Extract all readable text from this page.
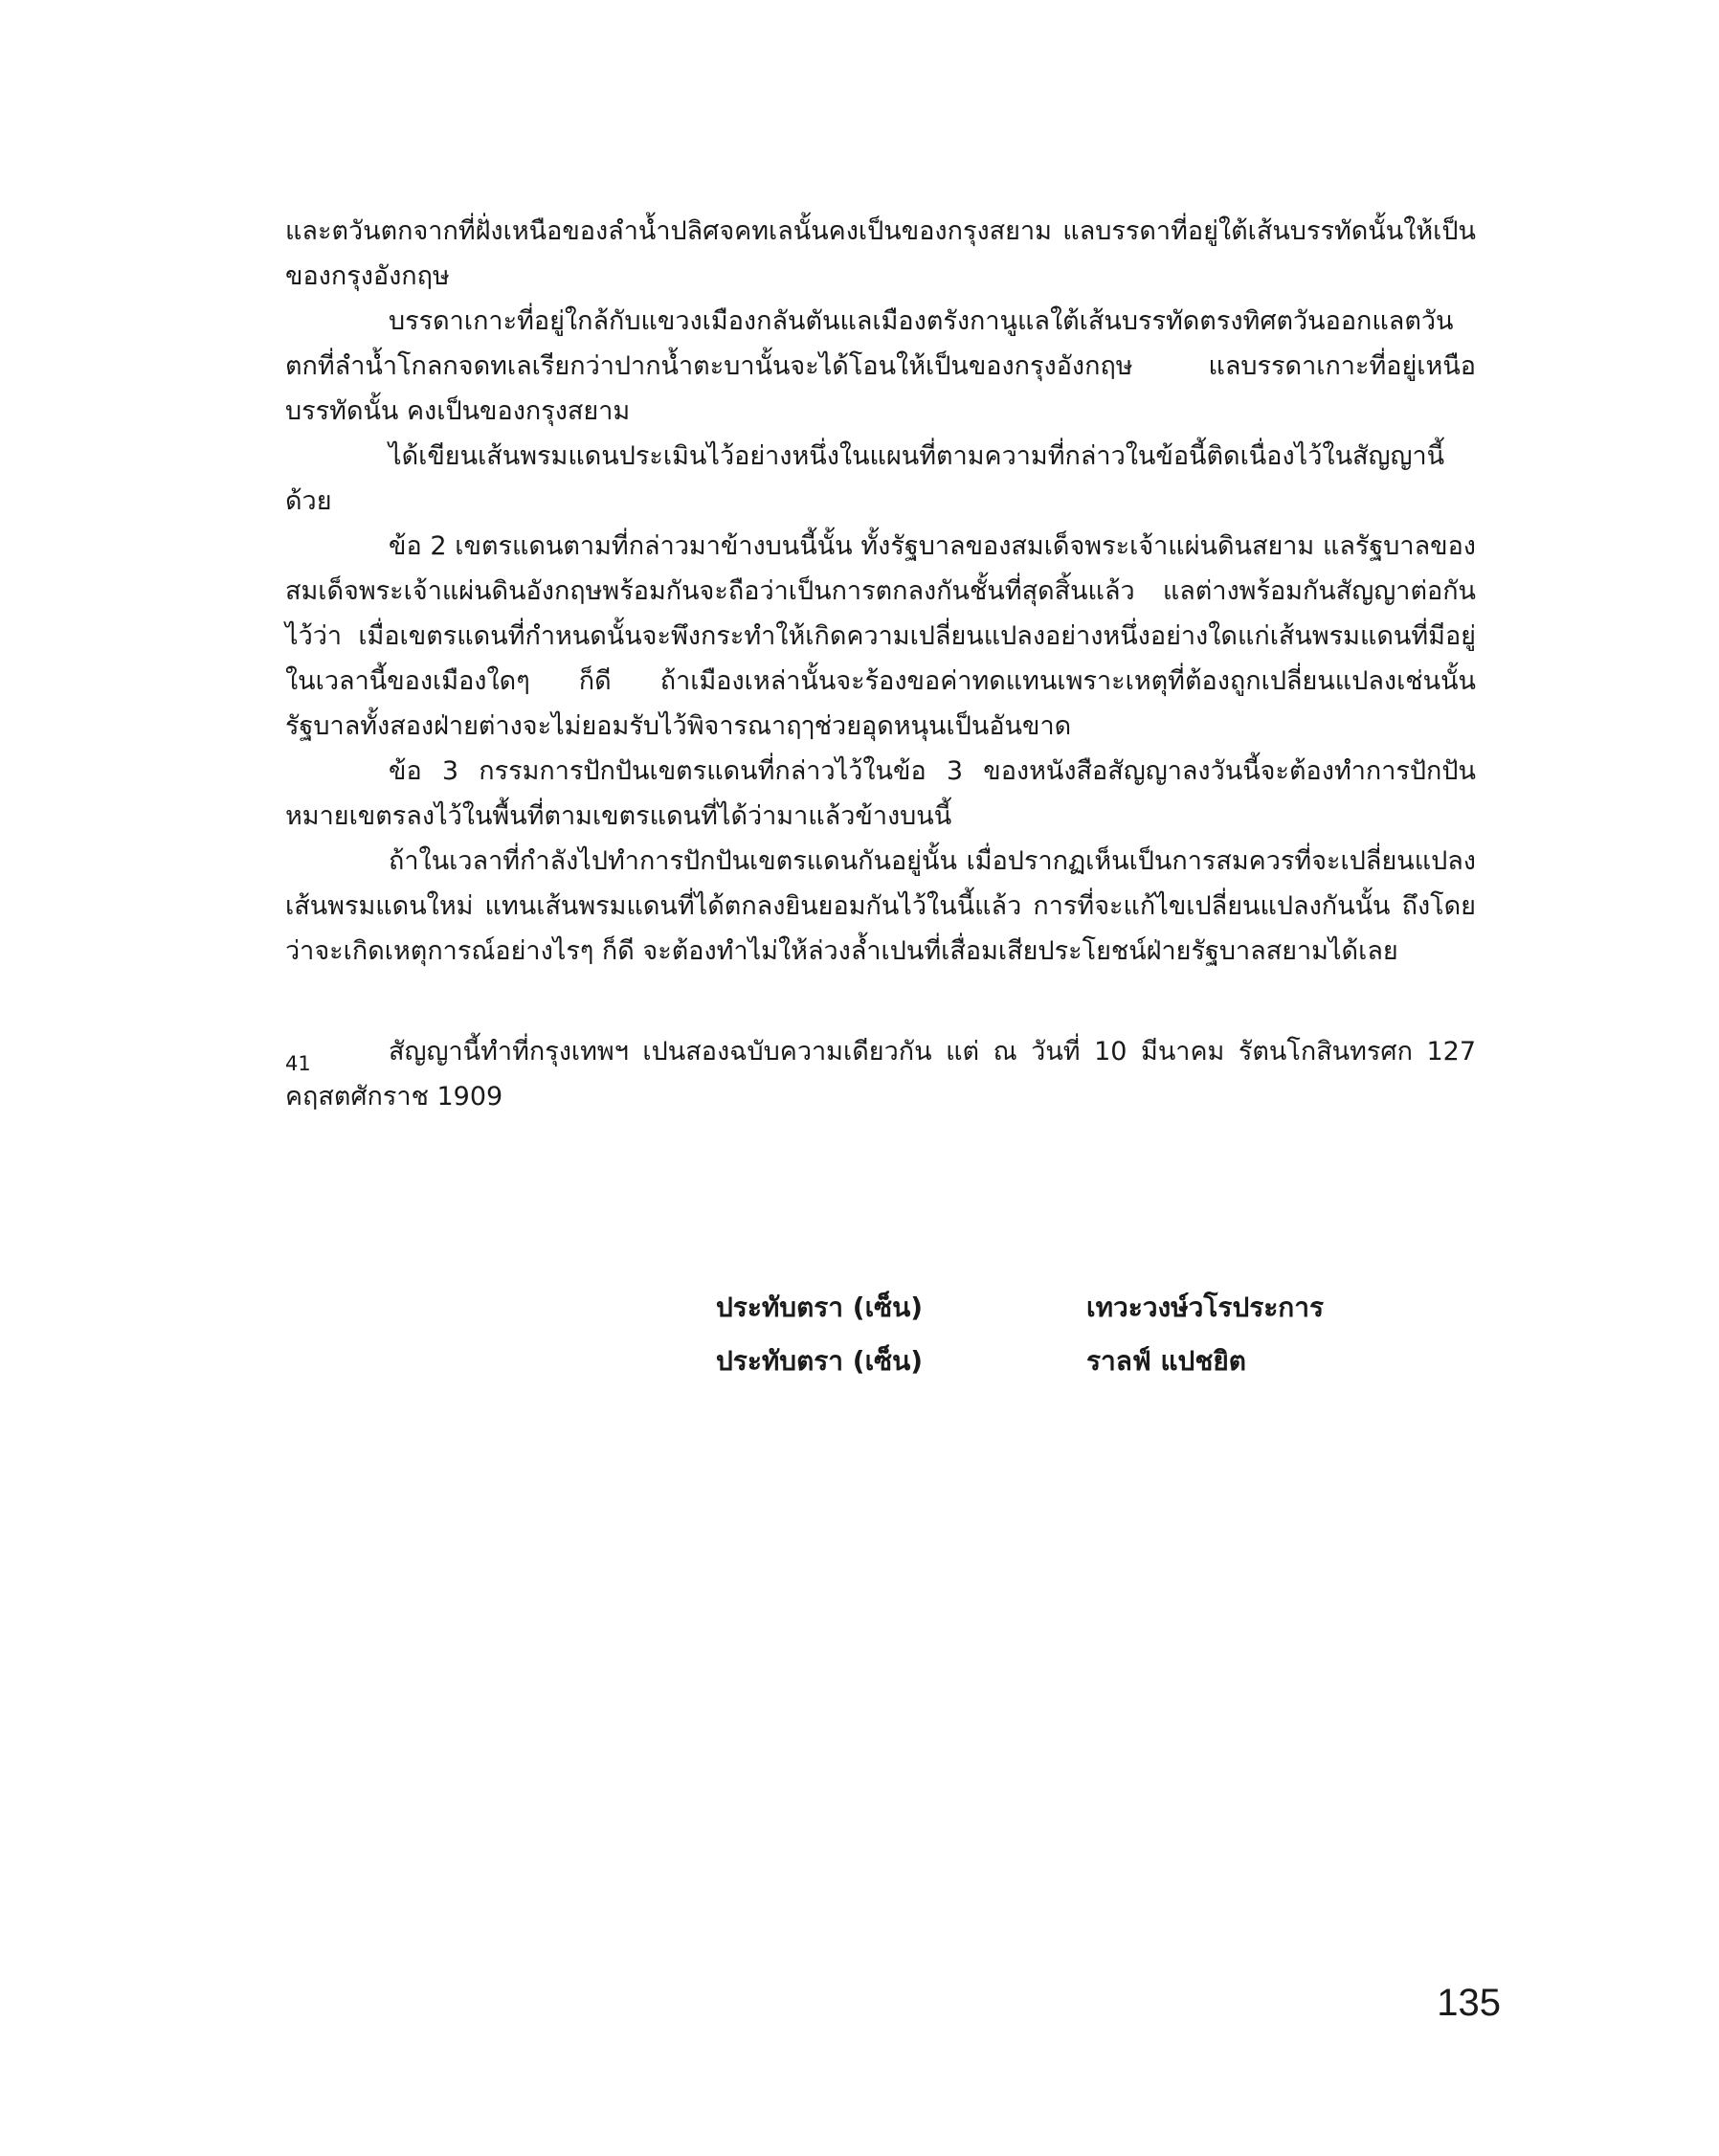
และตวันตกจากที่ฝั่งเหนือของลำน้ำปลิศจคทเลนั้นคงเป็นของกรุงสยาม แลบรรดาที่อยู่ใต้เส้นบรรทัดนั้นให้เป็นของกรุงอังกฤษ

บรรดาเกาะที่อยู่ใกล้กับแขวงเมืองกลันตันแลเมืองตรังกานูแลใต้เส้นบรรทัดตรงทิศตวันออกแลตวันตกที่ลำน้ำโกลกจดทเลเรียกว่าปากน้ำตะบานั้นจะได้โอนให้เป็นของกรุงอังกฤษ แลบรรดาเกาะที่อยู่เหนือบรรทัดนั้น คงเป็นของกรุงสยาม

ได้เขียนเส้นพรมแดนประเมินไว้อย่างหนึ่งในแผนที่ตามความที่กล่าวในข้อนี้ติดเนื่องไว้ในสัญญานี้ด้วย

ข้อ 2 เขตรแดนตามที่กล่าวมาข้างบนนี้นั้น ทั้งรัฐบาลของสมเด็จพระเจ้าแผ่นดินสยาม แลรัฐบาลของสมเด็จพระเจ้าแผ่นดินอังกฤษพร้อมกันจะถือว่าเป็นการตกลงกันชั้นที่สุดสิ้นแล้ว แลต่างพร้อมกันสัญญาต่อกันไว้ว่า เมื่อเขตรแดนที่กำหนดนั้นจะพึงกระทำให้เกิดความเปลี่ยนแปลงอย่างหนึ่งอย่างใดแก่เส้นพรมแดนที่มีอยู่ในเวลานี้ของเมืองใดๆ ก็ดี ถ้าเมืองเหล่านั้นจะร้องขอค่าทดแทนเพราะเหตุที่ต้องถูกเปลี่ยนแปลงเช่นนั้น รัฐบาลทั้งสองฝ่ายต่างจะไม่ยอมรับไว้พิจารณาฤๅช่วยอุดหนุนเป็นอันขาด

ข้อ 3 กรรมการปักปันเขตรแดนที่กล่าวไว้ในข้อ 3 ของหนังสือสัญญาลงวันนี้จะต้องทำการปักปันหมายเขตรลงไว้ในพื้นที่ตามเขตรแดนที่ได้ว่ามาแล้วข้างบนนี้

ถ้าในเวลาที่กำลังไปทำการปักปันเขตรแดนกันอยู่นั้น เมื่อปรากฏเห็นเป็นการสมควรที่จะเปลี่ยนแปลงเส้นพรมแดนใหม่ แทนเส้นพรมแดนที่ได้ตกลงยินยอมกันไว้ในนี้แล้ว การที่จะแก้ไขเปลี่ยนแปลงกันนั้น ถึงโดยว่าจะเกิดเหตุการณ์อย่างไรๆ ก็ดี จะต้องทำไม่ให้ล่วงล้ำเปนที่เสื่อมเสียประโยชน์ฝ่ายรัฐบาลสยามได้เลย

41	สัญญานี้ทำที่กรุงเทพฯ เปนสองฉบับความเดียวกัน แต่ ณ วันที่ 10 มีนาคม รัตนโกสินทรศก 127 คฤสตศักราช 1909

ประทับตรา (เซ็น)	เทวะวงษ์วโรประการ
ประทับตรา (เซ็น)	ราลฟ์ แปชยิต
135
